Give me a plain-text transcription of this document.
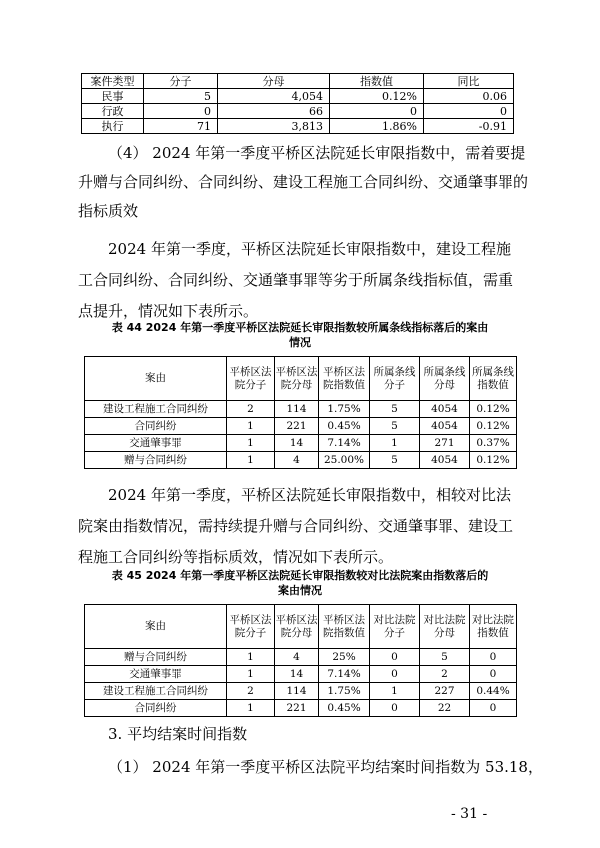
案件类型	分子	分母	指数值	同比
民事	5	4,054	0.12%	0.06
行政	0	66	0	0
执行	71	3,813	1.86%	-0.91
（4） 2024 年第一季度平桥区法院延长审限指数中，需着要提
升赠与合同纠纷、合同纠纷、建设工程施工合同纠纷、交通肇事罪的
指标质效

2024 年第一季度，平桥区法院延长审限指数中，建设工程施工合同纠纷、合同纠纷、交通肇事罪等劣于所属条线指标值，需重点提升，情况如下表所示。

表 44 2024 年第一季度平桥区法院延长审限指数较所属条线指标落后的案由
情况
案由	平桥区法院分子	平桥区法院分母	平桥区法院指数值	所属条线分子	所属条线分母	所属条线指数值
建设工程施工合同纠纷	2	114	1.75%	5	4054	0.12%
合同纠纷	1	221	0.45%	5	4054	0.12%
交通肇事罪	1	14	7.14%	1	271	0.37%
赠与合同纠纷	1	4	25.00%	5	4054	0.12%

2024 年第一季度，平桥区法院延长审限指数中，相较对比法院案由指数情况，需持续提升赠与合同纠纷、交通肇事罪、建设工程施工合同纠纷等指标质效，情况如下表所示。

表 45 2024 年第一季度平桥区法院延长审限指数较对比法院案由指数落后的
案由情况
案由	平桥区法院分子	平桥区法院分母	平桥区法院指数值	对比法院分子	对比法院分母	对比法院指数值
赠与合同纠纷	1	4	25%	0	5	0
交通肇事罪	1	14	7.14%	0	2	0
建设工程施工合同纠纷	2	114	1.75%	1	227	0.44%
合同纠纷	1	221	0.45%	0	22	0
3. 平均结案时间指数
（1） 2024 年第一季度平桥区法院平均结案时间指数为 53.18，
- 31 -
